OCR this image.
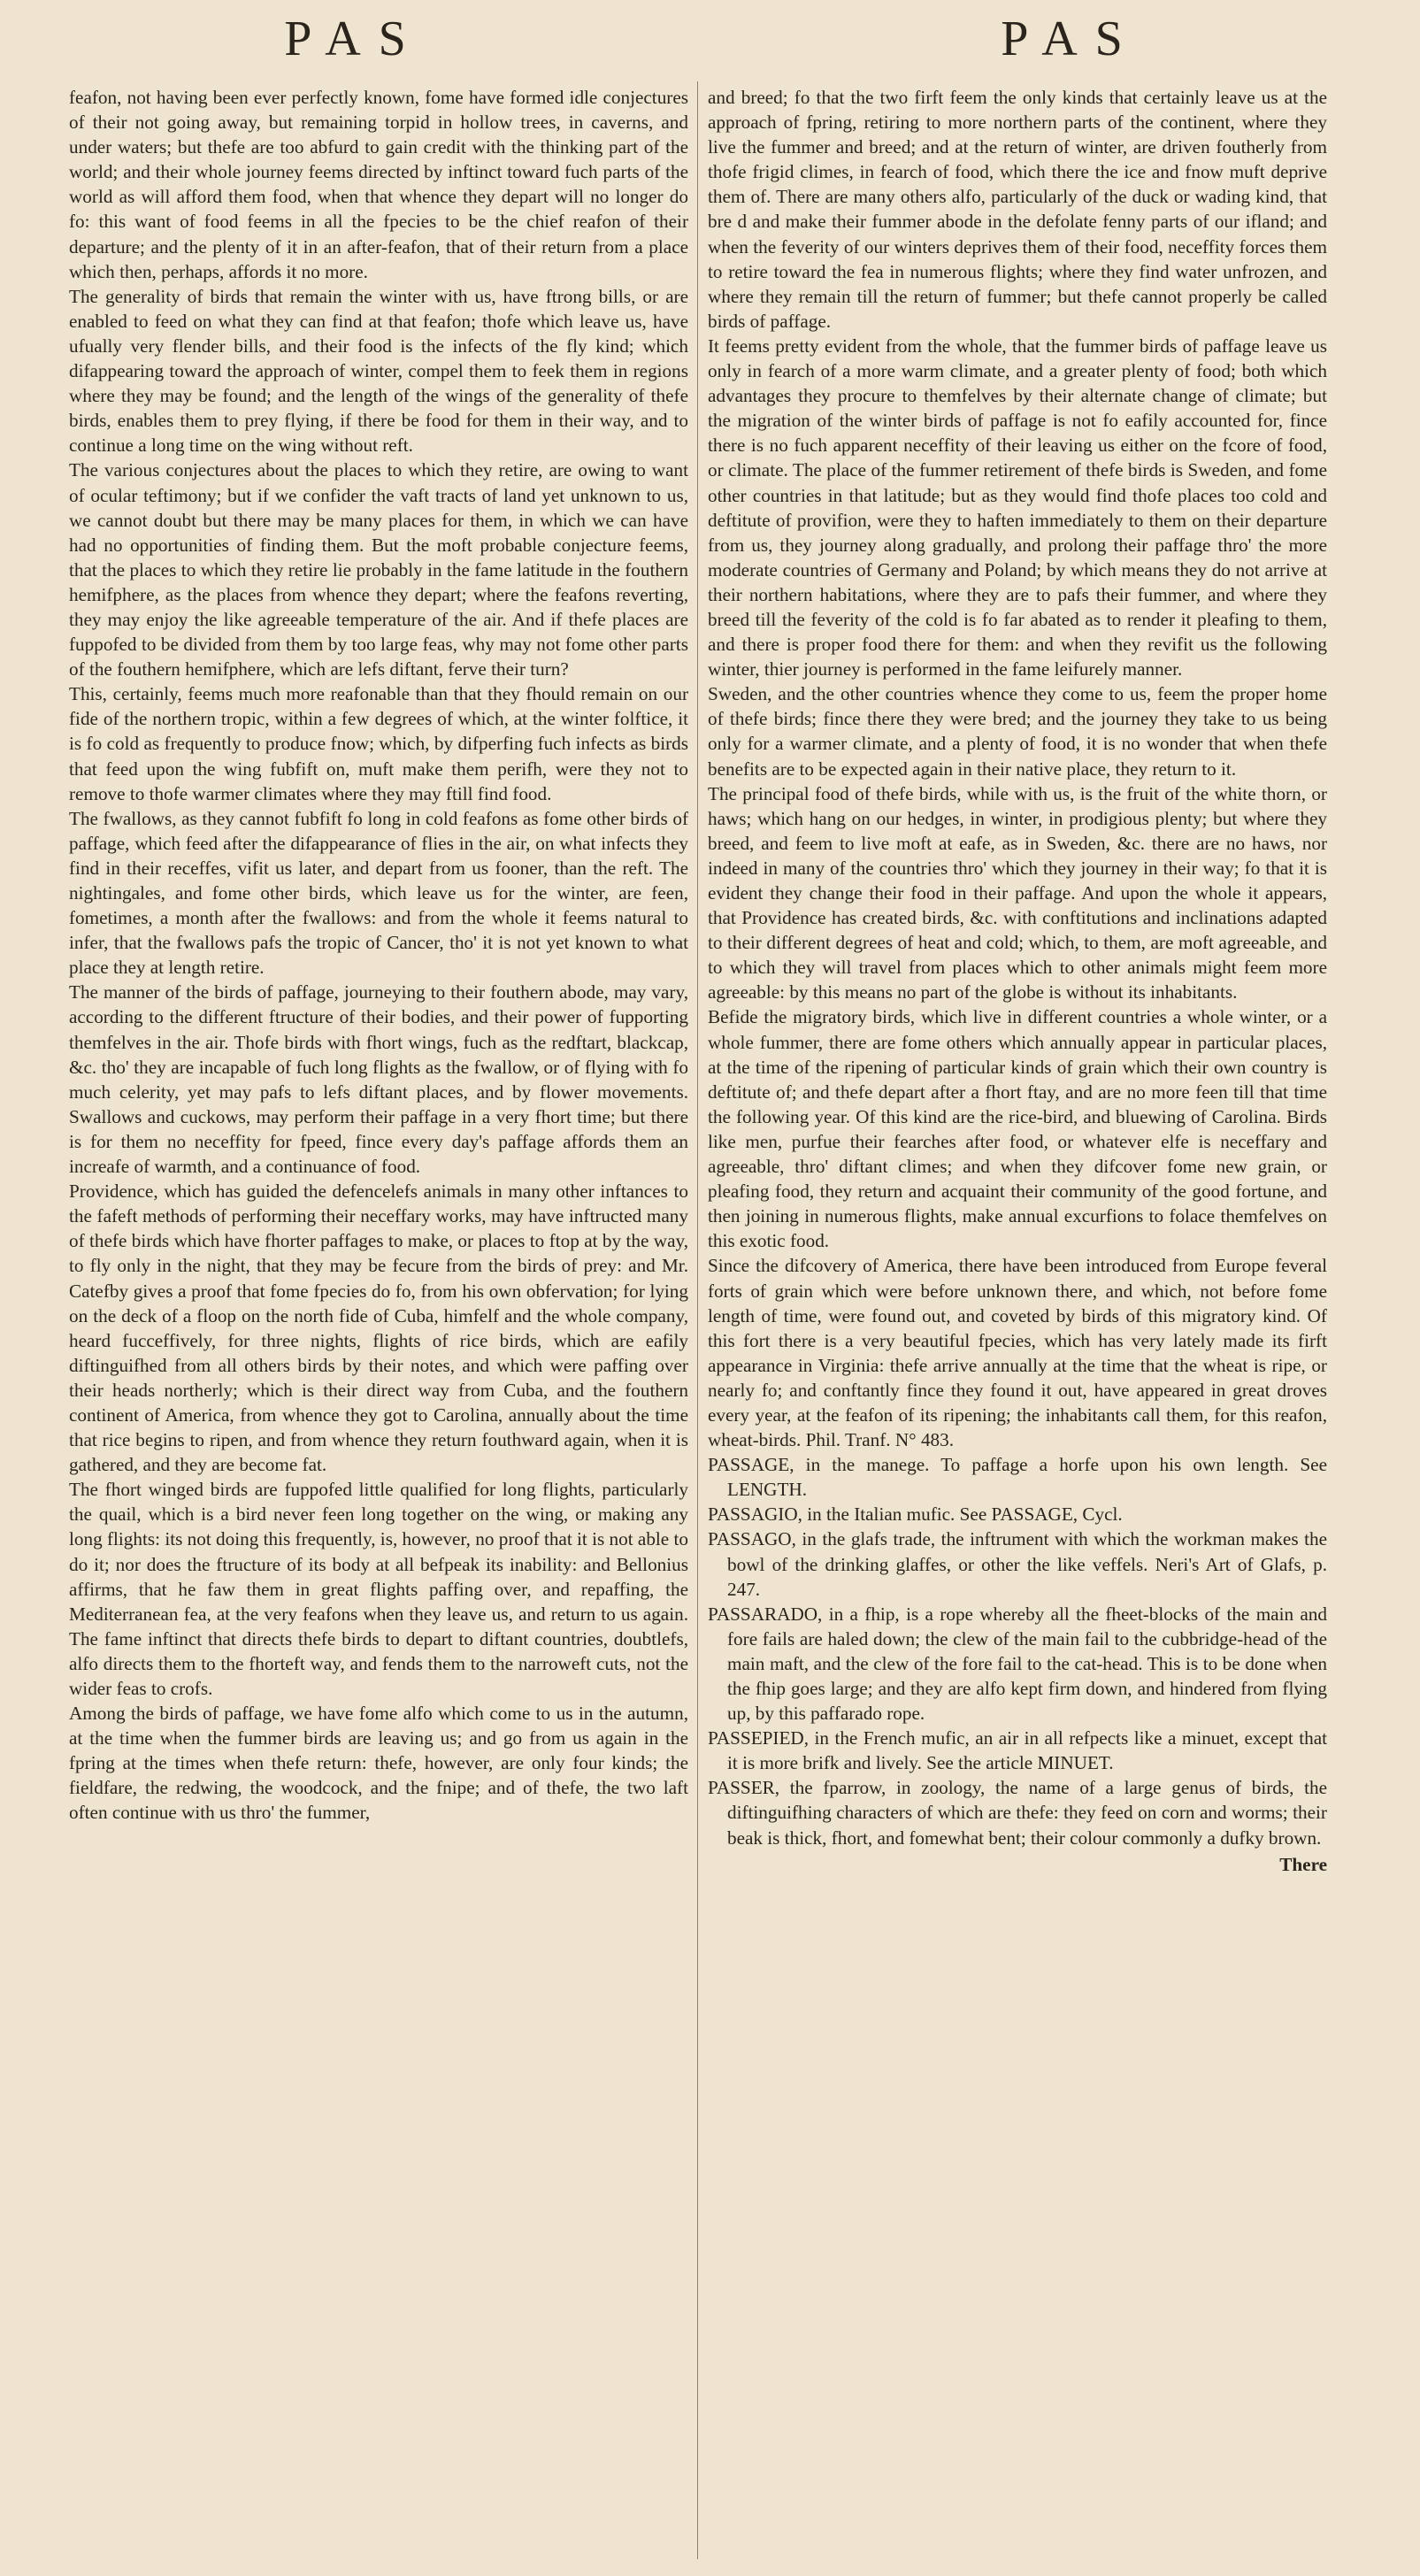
PAS	PAS

feafon, not having been ever perfectly known, fome have formed idle conjectures of their not going away, but remaining torpid in hollow trees, in caverns, and under waters; but thefe are too abfurd to gain credit with the thinking part of the world; and their whole journey feems directed by inftinct toward fuch parts of the world as will afford them food, when that whence they depart will no longer do fo: this want of food feems in all the fpecies to be the chief reafon of their departure; and the plenty of it in an after-feafon, that of their return from a place which then, perhaps, affords it no more.

The generality of birds that remain the winter with us, have ftrong bills, or are enabled to feed on what they can find at that feafon; thofe which leave us, have ufually very flender bills, and their food is the infects of the fly kind; which difappearing toward the approach of winter, compel them to feek them in regions where they may be found; and the length of the wings of the generality of thefe birds, enables them to prey flying, if there be food for them in their way, and to continue a long time on the wing without reft.

The various conjectures about the places to which they retire, are owing to want of ocular teftimony; but if we confider the vaft tracts of land yet unknown to us, we cannot doubt but there may be many places for them, in which we can have had no opportunities of finding them. But the moft probable conjecture feems, that the places to which they retire lie probably in the fame latitude in the fouthern hemifphere, as the places from whence they depart; where the feafons reverting, they may enjoy the like agreeable temperature of the air. And if thefe places are fuppofed to be divided from them by too large feas, why may not fome other parts of the fouthern hemifphere, which are lefs diftant, ferve their turn?

This, certainly, feems much more reafonable than that they fhould remain on our fide of the northern tropic, within a few degrees of which, at the winter folftice, it is fo cold as frequently to produce fnow; which, by difperfing fuch infects as birds that feed upon the wing fubfift on, muft make them perifh, were they not to remove to thofe warmer climates where they may ftill find food.

The fwallows, as they cannot fubfift fo long in cold feafons as fome other birds of paffage, which feed after the difappearance of flies in the air, on what infects they find in their receffes, vifit us later, and depart from us fooner, than the reft. The nightingales, and fome other birds, which leave us for the winter, are feen, fometimes, a month after the fwallows: and from the whole it feems natural to infer, that the fwallows pafs the tropic of Cancer, tho' it is not yet known to what place they at length retire.

The manner of the birds of paffage, journeying to their fouthern abode, may vary, according to the different ftructure of their bodies, and their power of fupporting themfelves in the air. Thofe birds with fhort wings, fuch as the redftart, blackcap, &c. tho' they are incapable of fuch long flights as the fwallow, or of flying with fo much celerity, yet may pafs to lefs diftant places, and by flower movements. Swallows and cuckows, may perform their paffage in a very fhort time; but there is for them no neceffity for fpeed, fince every day's paffage affords them an increafe of warmth, and a continuance of food.

Providence, which has guided the defencelefs animals in many other inftances to the fafeft methods of performing their neceffary works, may have inftructed many of thefe birds which have fhorter paffages to make, or places to ftop at by the way, to fly only in the night, that they may be fecure from the birds of prey: and Mr. Catefby gives a proof that fome fpecies do fo, from his own obfervation; for lying on the deck of a floop on the north fide of Cuba, himfelf and the whole company, heard fucceffively, for three nights, flights of rice birds, which are eafily diftinguifhed from all others birds by their notes, and which were paffing over their heads northerly; which is their direct way from Cuba, and the fouthern continent of America, from whence they got to Carolina, annually about the time that rice begins to ripen, and from whence they return fouthward again, when it is gathered, and they are become fat.

The fhort winged birds are fuppofed little qualified for long flights, particularly the quail, which is a bird never feen long together on the wing, or making any long flights: its not doing this frequently, is, however, no proof that it is not able to do it; nor does the ftructure of its body at all befpeak its inability: and Bellonius affirms, that he faw them in great flights paffing over, and repaffing, the Mediterranean fea, at the very feafons when they leave us, and return to us again. The fame inftinct that directs thefe birds to depart to diftant countries, doubtlefs, alfo directs them to the fhorteft way, and fends them to the narroweft cuts, not the wider feas to crofs.

Among the birds of paffage, we have fome alfo which come to us in the autumn, at the time when the fummer birds are leaving us; and go from us again in the fpring at the times when thefe return: thefe, however, are only four kinds; the fieldfare, the redwing, the woodcock, and the fnipe; and of thefe, the two laft often continue with us thro' the fummer,

and breed; fo that the two firft feem the only kinds that certainly leave us at the approach of fpring, retiring to more northern parts of the continent, where they live the fummer and breed; and at the return of winter, are driven foutherly from thofe frigid climes, in fearch of food, which there the ice and fnow muft deprive them of. There are many others alfo, particularly of the duck or wading kind, that bre d and make their fummer abode in the defolate fenny parts of our ifland; and when the feverity of our winters deprives them of their food, neceffity forces them to retire toward the fea in numerous flights; where they find water unfrozen, and where they remain till the return of fummer; but thefe cannot properly be called birds of paffage.

It feems pretty evident from the whole, that the fummer birds of paffage leave us only in fearch of a more warm climate, and a greater plenty of food; both which advantages they procure to themfelves by their alternate change of climate; but the migration of the winter birds of paffage is not fo eafily accounted for, fince there is no fuch apparent neceffity of their leaving us either on the fcore of food, or climate. The place of the fummer retirement of thefe birds is Sweden, and fome other countries in that latitude; but as they would find thofe places too cold and deftitute of provifion, were they to haften immediately to them on their departure from us, they journey along gradually, and prolong their paffage thro' the more moderate countries of Germany and Poland; by which means they do not arrive at their northern habitations, where they are to pafs their fummer, and where they breed till the feverity of the cold is fo far abated as to render it pleafing to them, and there is proper food there for them: and when they revifit us the following winter, thier journey is performed in the fame leifurely manner.

Sweden, and the other countries whence they come to us, feem the proper home of thefe birds; fince there they were bred; and the journey they take to us being only for a warmer climate, and a plenty of food, it is no wonder that when thefe benefits are to be expected again in their native place, they return to it.

The principal food of thefe birds, while with us, is the fruit of the white thorn, or haws; which hang on our hedges, in winter, in prodigious plenty; but where they breed, and feem to live moft at eafe, as in Sweden, &c. there are no haws, nor indeed in many of the countries thro' which they journey in their way; fo that it is evident they change their food in their paffage. And upon the whole it appears, that Providence has created birds, &c. with conftitutions and inclinations adapted to their different degrees of heat and cold; which, to them, are moft agreeable, and to which they will travel from places which to other animals might feem more agreeable: by this means no part of the globe is without its inhabitants.

Befide the migratory birds, which live in different countries a whole winter, or a whole fummer, there are fome others which annually appear in particular places, at the time of the ripening of particular kinds of grain which their own country is deftitute of; and thefe depart after a fhort ftay, and are no more feen till that time the following year. Of this kind are the rice-bird, and bluewing of Carolina. Birds like men, purfue their fearches after food, or whatever elfe is neceffary and agreeable, thro' diftant climes; and when they difcover fome new grain, or pleafing food, they return and acquaint their community of the good fortune, and then joining in numerous flights, make annual excurfions to folace themfelves on this exotic food.

Since the difcovery of America, there have been introduced from Europe feveral forts of grain which were before unknown there, and which, not before fome length of time, were found out, and coveted by birds of this migratory kind. Of this fort there is a very beautiful fpecies, which has very lately made its firft appearance in Virginia: thefe arrive annually at the time that the wheat is ripe, or nearly fo; and conftantly fince they found it out, have appeared in great droves every year, at the feafon of its ripening; the inhabitants call them, for this reafon, wheat-birds. Phil. Tranf. N° 483.

PASSAGE, in the manege. To paffage a horfe upon his own length. See LENGTH.

PASSAGIO, in the Italian mufic. See PASSAGE, Cycl.

PASSAGO, in the glafs trade, the inftrument with which the workman makes the bowl of the drinking glaffes, or other the like veffels. Neri's Art of Glafs, p. 247.

PASSARADO, in a fhip, is a rope whereby all the fheet-blocks of the main and fore fails are haled down; the clew of the main fail to the cubbridge-head of the main maft, and the clew of the fore fail to the cat-head. This is to be done when the fhip goes large; and they are alfo kept firm down, and hindered from flying up, by this paffarado rope.

PASSEPIED, in the French mufic, an air in all refpects like a minuet, except that it is more brifk and lively. See the article MINUET.

PASSER, the fparrow, in zoology, the name of a large genus of birds, the diftinguifhing characters of which are thefe: they feed on corn and worms; their beak is thick, fhort, and fomewhat bent; their colour commonly a dufky brown.

There
